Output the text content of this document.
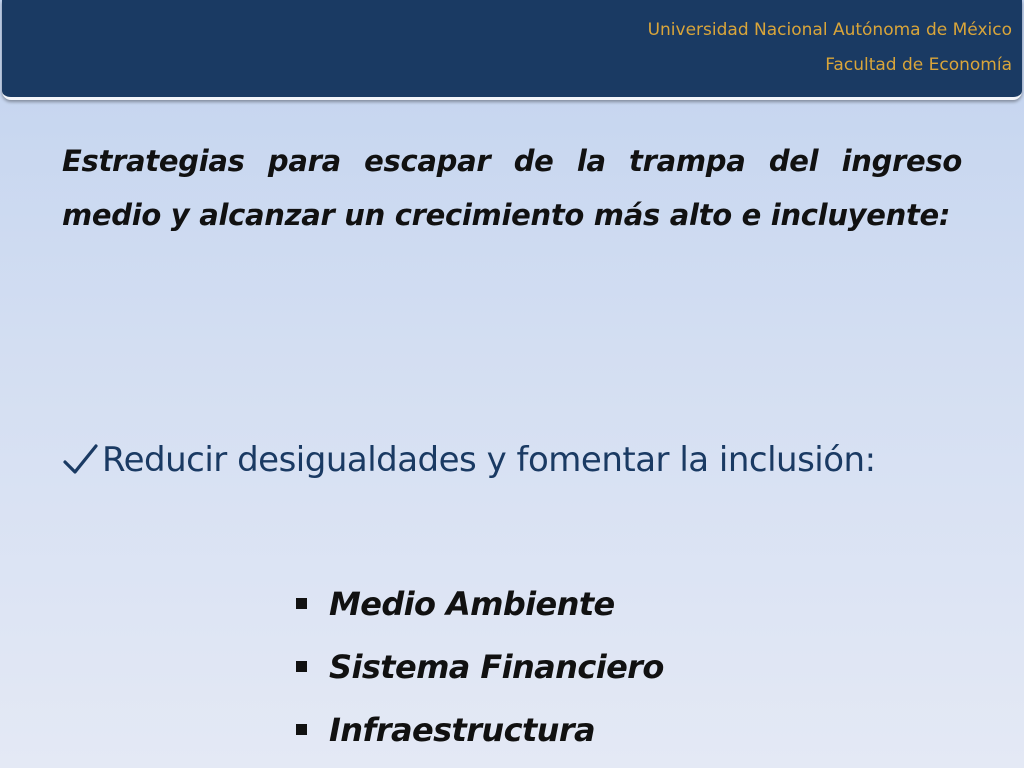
Universidad Nacional Autónoma de México
Facultad de Economía

Estrategias para escapar de la trampa del ingreso medio y alcanzar un crecimiento más alto e incluyente:

Reducir desigualdades y fomentar la inclusión:
Medio Ambiente
Sistema Financiero
Infraestructura
